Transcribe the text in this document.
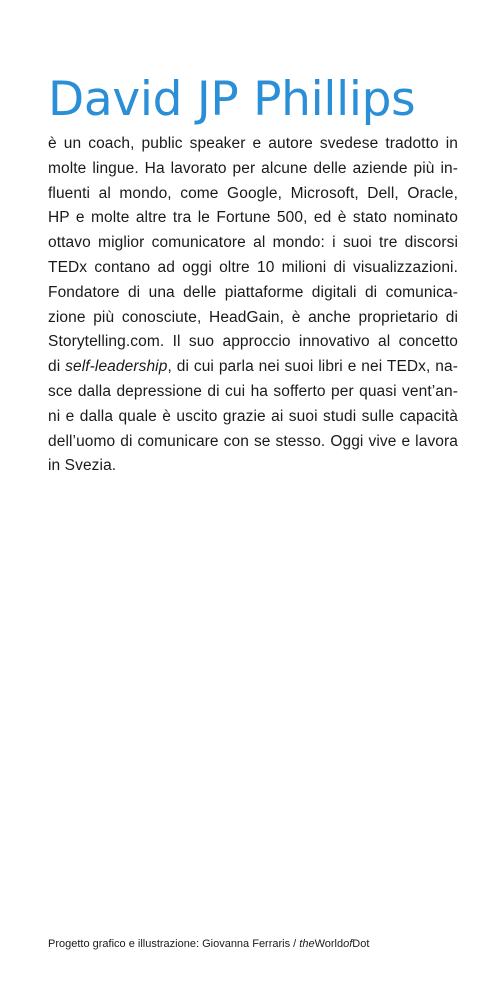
David JP Phillips

è un coach, public speaker e autore svedese tradotto in
molte lingue. Ha lavorato per alcune delle aziende più in-
fluenti al mondo, come Google, Microsoft, Dell, Oracle,
HP e molte altre tra le Fortune 500, ed è stato nominato
ottavo miglior comunicatore al mondo: i suoi tre discorsi
TEDx contano ad oggi oltre 10 milioni di visualizzazioni.
Fondatore di una delle piattaforme digitali di comunica-
zione più conosciute, HeadGain, è anche proprietario di
Storytelling.com. Il suo approccio innovativo al concetto
di self-leadership, di cui parla nei suoi libri e nei TEDx, na-
sce dalla depressione di cui ha sofferto per quasi vent’an-
ni e dalla quale è uscito grazie ai suoi studi sulle capacità
dell’uomo di comunicare con se stesso. Oggi vive e lavora
in Svezia.

Progetto grafico e illustrazione: Giovanna Ferraris / theWorldofDot
